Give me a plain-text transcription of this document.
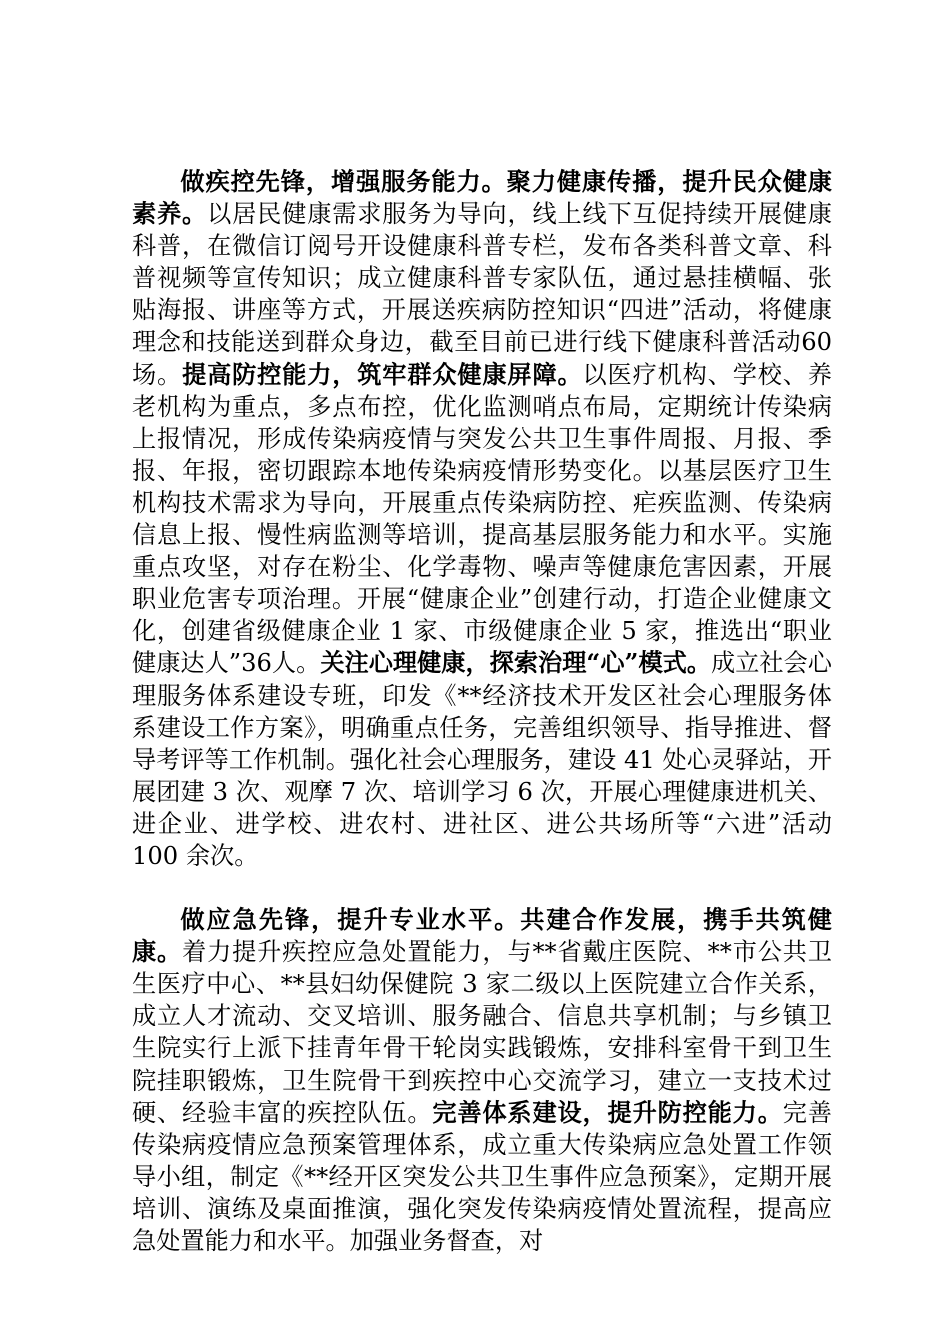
做疾控先锋，增强服务能力。聚力健康传播，提升民众健康素养。以居民健康需求服务为导向，线上线下互促持续开展健康科普，在微信订阅号开设健康科普专栏，发布各类科普文章、科普视频等宣传知识；成立健康科普专家队伍，通过悬挂横幅、张贴海报、讲座等方式，开展送疾病防控知识“四进”活动，将健康理念和技能送到群众身边，截至目前已进行线下健康科普活动60场。提高防控能力，筑牢群众健康屏障。以医疗机构、学校、养老机构为重点，多点布控，优化监测哨点布局，定期统计传染病上报情况，形成传染病疫情与突发公共卫生事件周报、月报、季报、年报，密切跟踪本地传染病疫情形势变化。以基层医疗卫生机构技术需求为导向，开展重点传染病防控、疟疾监测、传染病信息上报、慢性病监测等培训，提高基层服务能力和水平。实施重点攻坚，对存在粉尘、化学毒物、噪声等健康危害因素，开展职业危害专项治理。开展“健康企业”创建行动，打造企业健康文化，创建省级健康企业 1 家、市级健康企业 5 家，推选出“职业健康达人”36人。关注心理健康，探索治理“心”模式。成立社会心理服务体系建设专班，印发《**经济技术开发区社会心理服务体系建设工作方案》，明确重点任务，完善组织领导、指导推进、督导考评等工作机制。强化社会心理服务，建设 41 处心灵驿站，开展团建 3 次、观摩 7 次、培训学习 6 次，开展心理健康进机关、进企业、进学校、进农村、进社区、进公共场所等“六进”活动 100 余次。

做应急先锋，提升专业水平。共建合作发展，携手共筑健康。着力提升疾控应急处置能力，与**省戴庄医院、**市公共卫生医疗中心、**县妇幼保健院 3 家二级以上医院建立合作关系，成立人才流动、交叉培训、服务融合、信息共享机制；与乡镇卫生院实行上派下挂青年骨干轮岗实践锻炼，安排科室骨干到卫生院挂职锻炼，卫生院骨干到疾控中心交流学习，建立一支技术过硬、经验丰富的疾控队伍。完善体系建设，提升防控能力。完善传染病疫情应急预案管理体系，成立重大传染病应急处置工作领导小组，制定《**经开区突发公共卫生事件应急预案》，定期开展培训、演练及桌面推演，强化突发传染病疫情处置流程，提高应急处置能力和水平。加强业务督查，对
